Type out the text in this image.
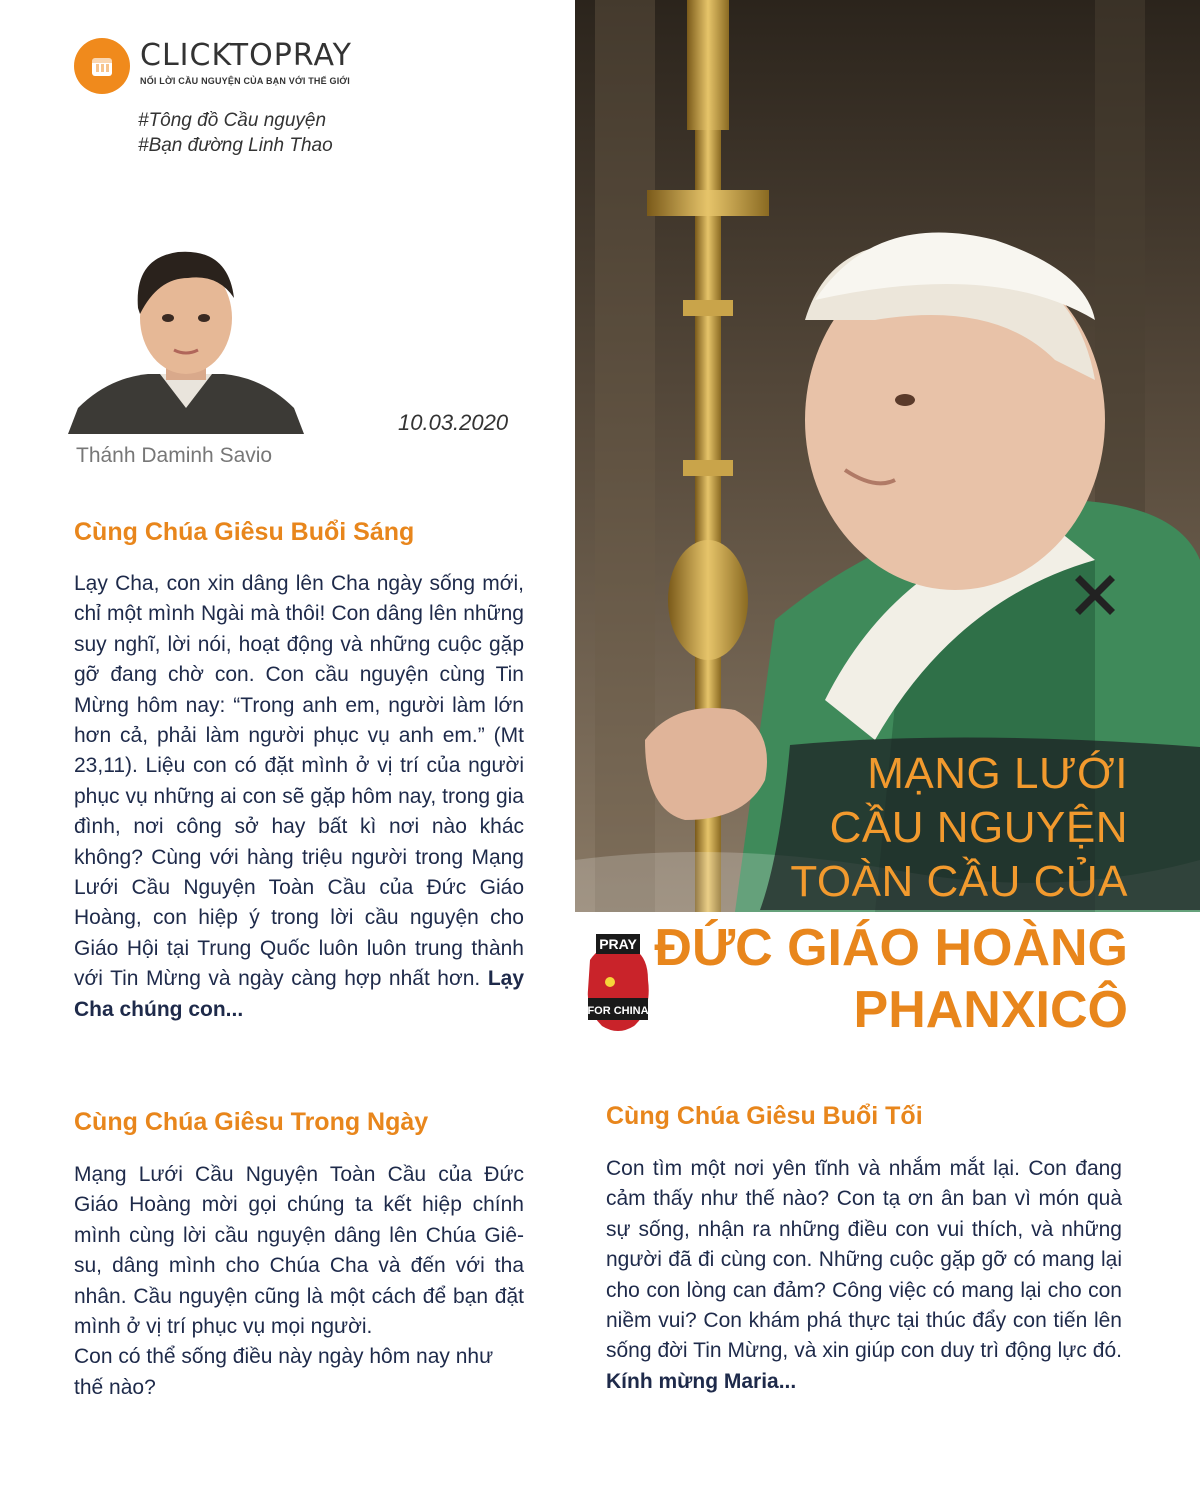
CLICKTOPRAY
NỐI LỜI CẦU NGUYỆN CỦA BẠN VỚI THẾ GIỚI
#Tông đồ Cầu nguyện
#Bạn đường Linh Thao
Thánh Daminh Savio
10.03.2020
Cùng Chúa Giêsu Buổi Sáng
Lạy Cha, con xin dâng lên Cha ngày sống mới, chỉ một mình Ngài mà thôi! Con dâng lên những suy nghĩ, lời nói, hoạt động và những cuộc gặp gỡ đang chờ con. Con cầu nguyện cùng Tin Mừng hôm nay: “Trong anh em, người làm lớn hơn cả, phải làm người phục vụ anh em.” (Mt 23,11). Liệu con có đặt mình ở vị trí của người phục vụ những ai con sẽ gặp hôm nay, trong gia đình, nơi công sở hay bất kì nơi nào khác không? Cùng với hàng triệu người trong Mạng Lưới Cầu Nguyện Toàn Cầu của Đức Giáo Hoàng, con hiệp ý trong lời cầu nguyện cho Giáo Hội tại Trung Quốc luôn luôn trung thành với Tin Mừng và ngày càng hợp nhất hơn. Lạy Cha chúng con...
Cùng Chúa Giêsu Trong Ngày
Mạng Lưới Cầu Nguyện Toàn Cầu của Đức Giáo Hoàng mời gọi chúng ta kết hiệp chính mình cùng lời cầu nguyện dâng lên Chúa Giê-su, dâng mình cho Chúa Cha và đến với tha nhân. Cầu nguyện cũng là một cách để bạn đặt mình ở vị trí phục vụ mọi người.
Con có thể sống điều này ngày hôm nay như thế nào?
MẠNG LƯỚI
CẦU NGUYỆN
TOÀN CẦU CỦA
ĐỨC GIÁO HOÀNG
PHANXICÔ
PRAY
FOR CHINA
Cùng Chúa Giêsu Buổi Tối
Con tìm một nơi yên tĩnh và nhắm mắt lại. Con đang cảm thấy như thế nào? Con tạ ơn ân ban vì món quà sự sống, nhận ra những điều con vui thích, và những người đã đi cùng con. Những cuộc gặp gỡ có mang lại cho con lòng can đảm? Công việc có mang lại cho con niềm vui? Con khám phá thực tại thúc đẩy con tiến lên sống đời Tin Mừng, và xin giúp con duy trì động lực đó. Kính mừng Maria...
